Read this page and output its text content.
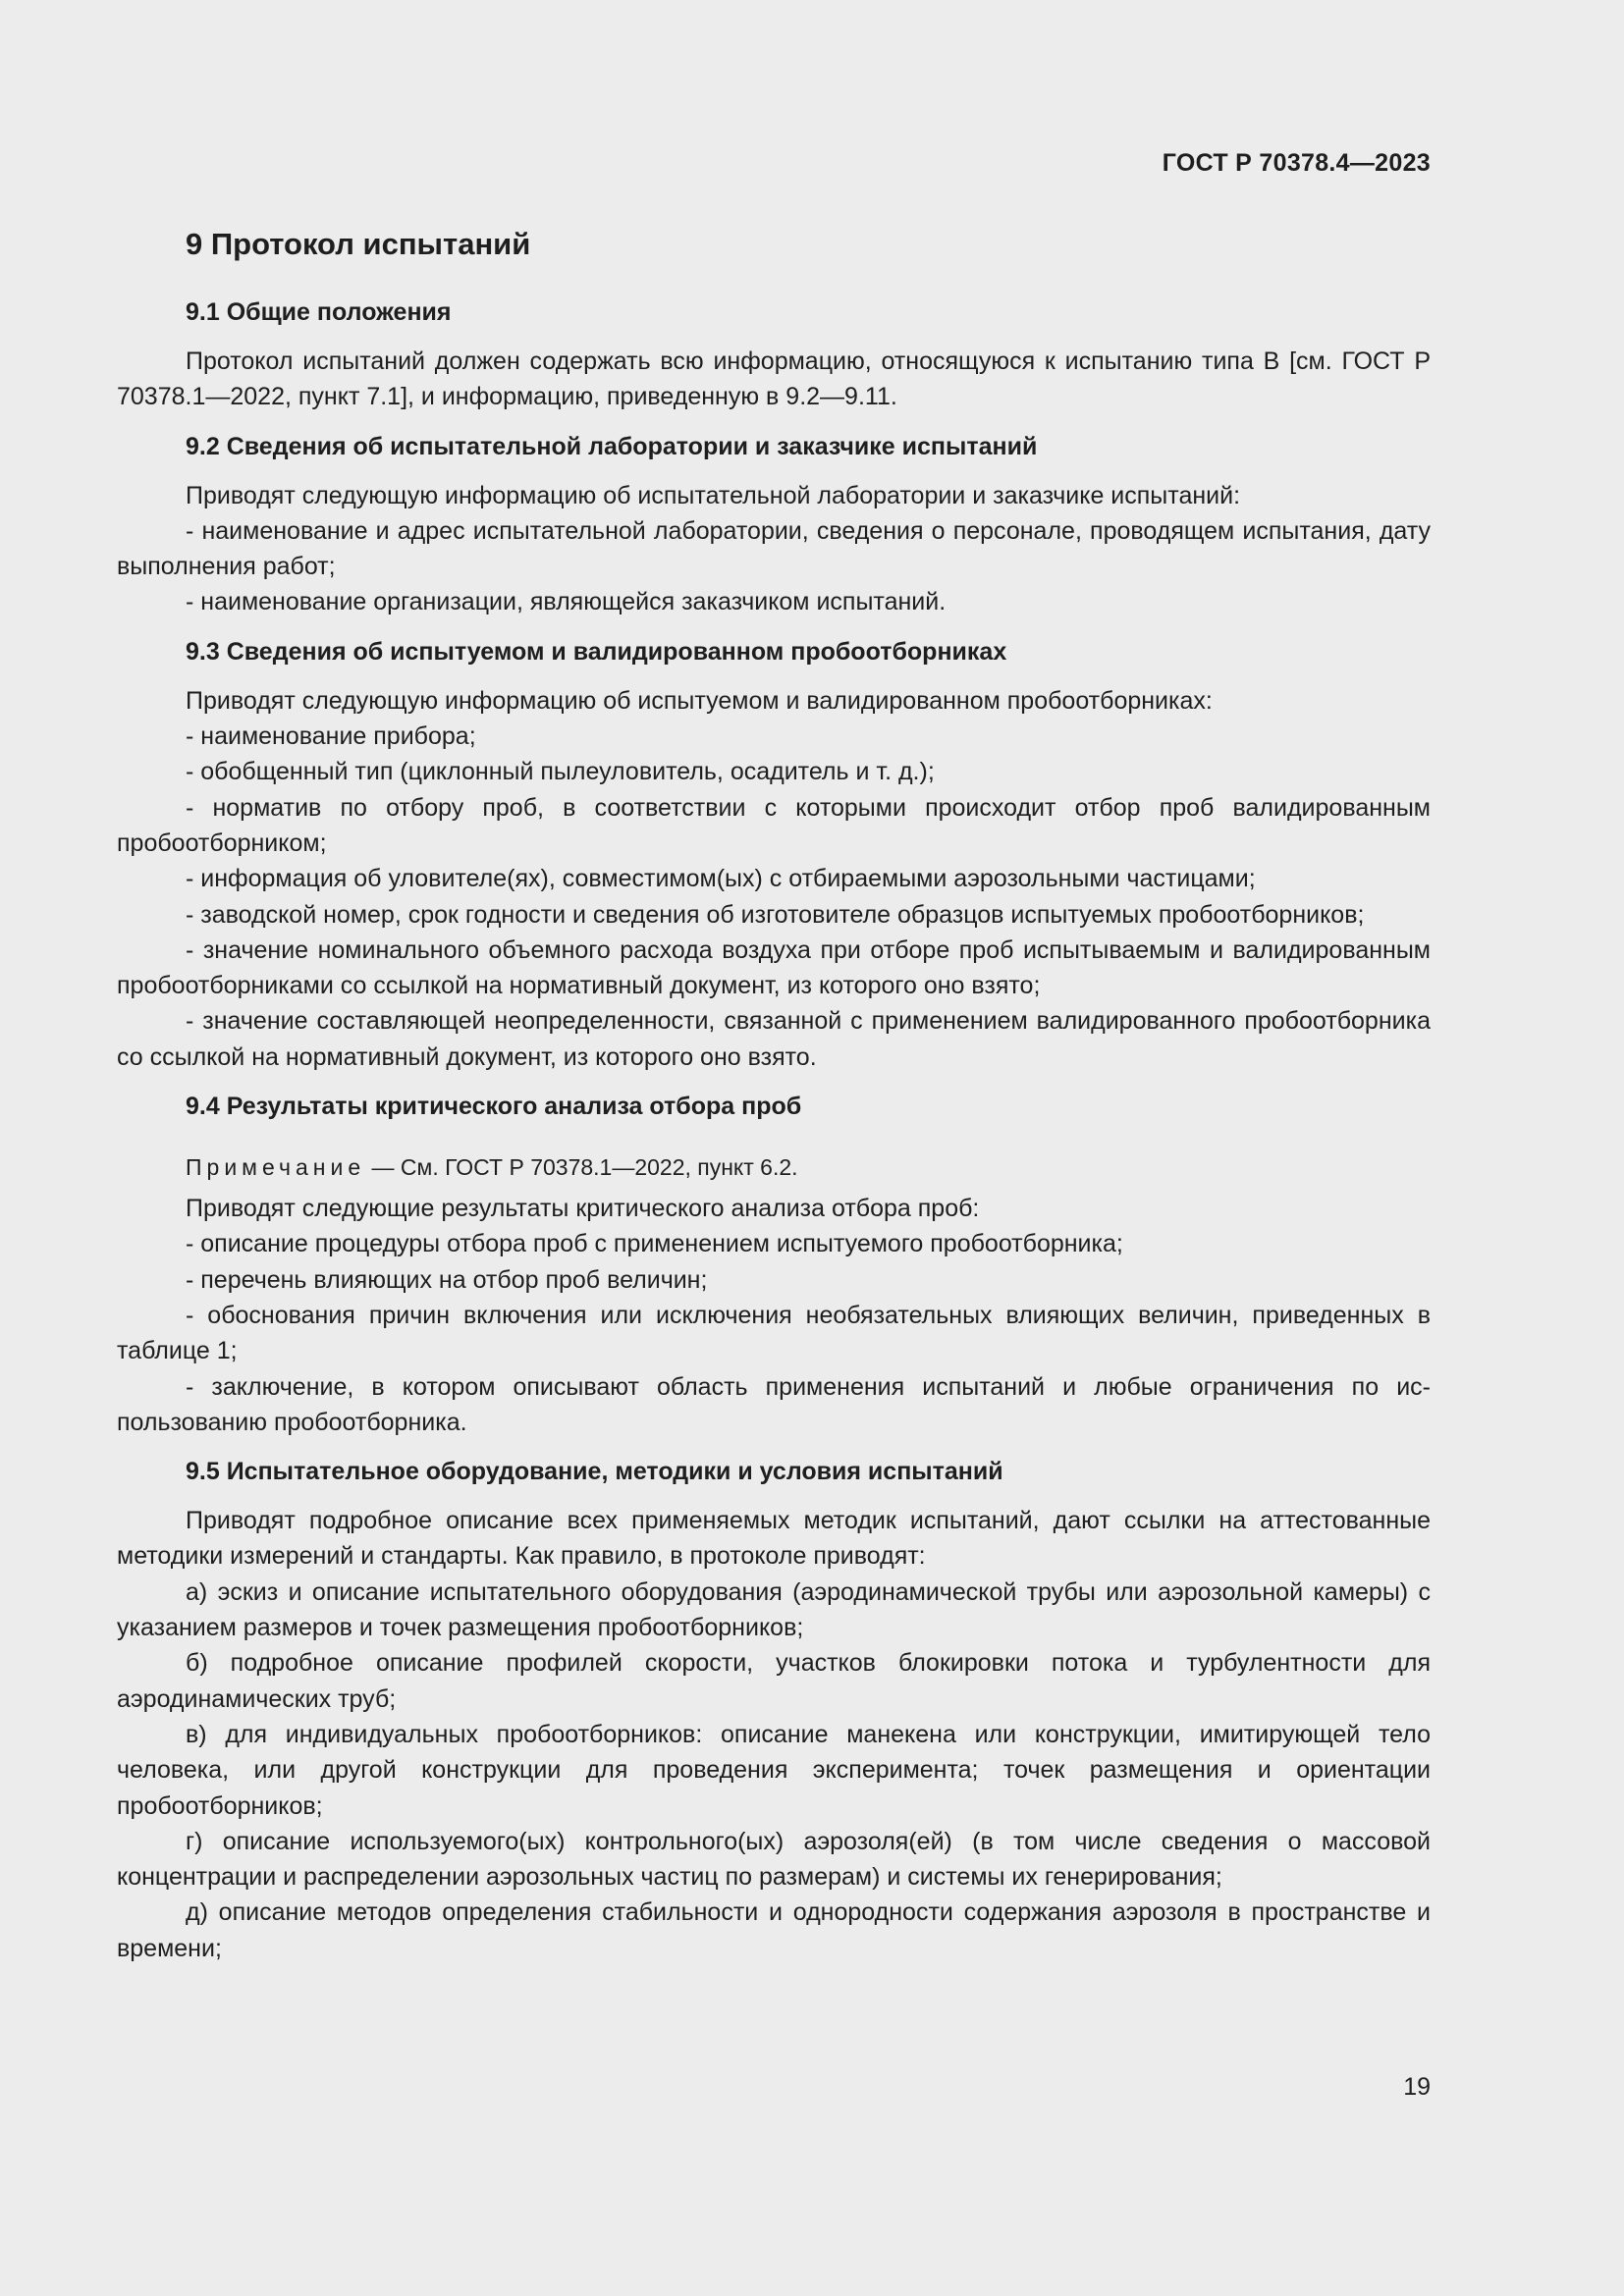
ГОСТ Р 70378.4—2023
9 Протокол испытаний
9.1 Общие положения

Протокол испытаний должен содержать всю информацию, относящуюся к испытанию типа В [см. ГОСТ Р 70378.1—2022, пункт 7.1], и информацию, приведенную в 9.2—9.11.

9.2 Сведения об испытательной лаборатории и заказчике испытаний

Приводят следующую информацию об испытательной лаборатории и заказчике испытаний:

- наименование и адрес испытательной лаборатории, сведения о персонале, проводящем испытания, дату выполнения работ;

- наименование организации, являющейся заказчиком испытаний.

9.3 Сведения об испытуемом и валидированном пробоотборниках

Приводят следующую информацию об испытуемом и валидированном пробоотборниках:

- наименование прибора;

- обобщенный тип (циклонный пылеуловитель, осадитель и т. д.);

- норматив по отбору проб, в соответствии с которыми происходит отбор проб валидированным пробоотборником;

- информация об уловителе(ях), совместимом(ых) с отбираемыми аэрозольными частицами;

- заводской номер, срок годности и сведения об изготовителе образцов испытуемых пробоотборников;

- значение номинального объемного расхода воздуха при отборе проб испытываемым и валидированным пробоотборниками со ссылкой на нормативный документ, из которого оно взято;

- значение составляющей неопределенности, связанной с применением валидированного пробоотборника со ссылкой на нормативный документ, из которого оно взято.

9.4 Результаты критического анализа отбора проб

Примечание — См. ГОСТ Р 70378.1—2022, пункт 6.2.

Приводят следующие результаты критического анализа отбора проб:

- описание процедуры отбора проб с применением испытуемого пробоотборника;

- перечень влияющих на отбор проб величин;

- обоснования причин включения или исключения необязательных влияющих величин, приведенных в таблице 1;

- заключение, в котором описывают область применения испытаний и любые ограничения по использованию пробоотборника.

9.5 Испытательное оборудование, методики и условия испытаний

Приводят подробное описание всех применяемых методик испытаний, дают ссылки на аттестованные методики измерений и стандарты. Как правило, в протоколе приводят:

а) эскиз и описание испытательного оборудования (аэродинамической трубы или аэрозольной камеры) с указанием размеров и точек размещения пробоотборников;

б) подробное описание профилей скорости, участков блокировки потока и турбулентности для аэродинамических труб;

в) для индивидуальных пробоотборников: описание манекена или конструкции, имитирующей тело человека, или другой конструкции для проведения эксперимента; точек размещения и ориентации пробоотборников;

г) описание используемого(ых) контрольного(ых) аэрозоля(ей) (в том числе сведения о массовой концентрации и распределении аэрозольных частиц по размерам) и системы их генерирования;

д) описание методов определения стабильности и однородности содержания аэрозоля в пространстве и времени;

19
